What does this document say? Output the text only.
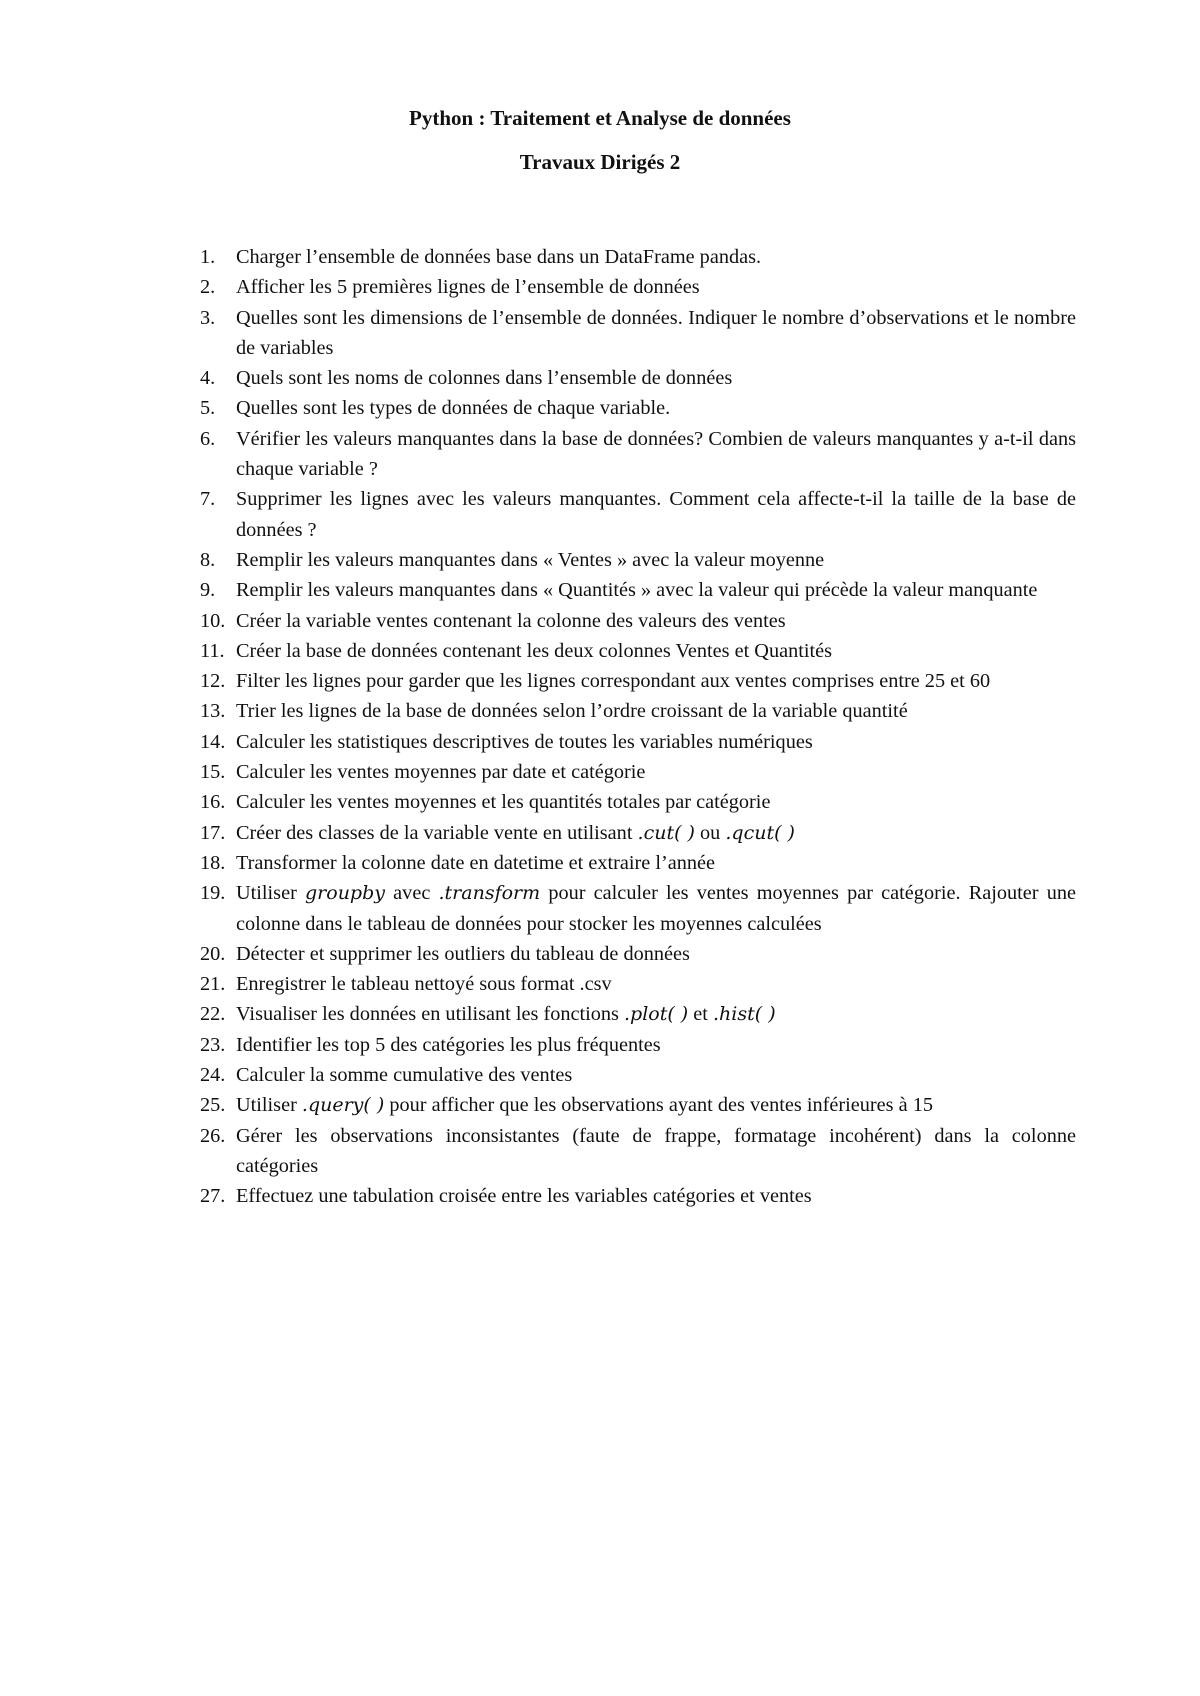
Python : Traitement et Analyse de données
Travaux Dirigés 2
1.	Charger l’ensemble de données base dans un DataFrame pandas.
2.	Afficher les 5 premières lignes de l’ensemble de données
3.	Quelles sont les dimensions de l’ensemble de données. Indiquer le nombre d’observations et le nombre de variables
4.	Quels sont les noms de colonnes dans l’ensemble de données
5.	Quelles sont les types de données de chaque variable.
6.	Vérifier les valeurs manquantes dans la base de données? Combien de valeurs manquantes y a-t-il dans chaque variable ?
7.	Supprimer les lignes avec les valeurs manquantes. Comment cela affecte-t-il la taille de la base de données ?
8.	Remplir les valeurs manquantes dans « Ventes » avec la valeur moyenne
9.	Remplir les valeurs manquantes dans « Quantités » avec la valeur qui précède la valeur manquante
10. Créer la variable ventes contenant la colonne des valeurs des ventes
11. Créer la base de données contenant les deux colonnes Ventes et Quantités
12. Filter les lignes pour garder que les lignes correspondant aux ventes comprises entre 25 et 60
13. Trier les lignes de la base de données selon l’ordre croissant de la variable quantité
14. Calculer les statistiques descriptives de toutes les variables numériques
15. Calculer les ventes moyennes par date et catégorie
16. Calculer les ventes moyennes et les quantités totales par catégorie
17. Créer des classes de la variable vente en utilisant .cut( ) ou .qcut( )
18. Transformer la colonne date en datetime et extraire l’année
19. Utiliser groupby avec .transform pour calculer les ventes moyennes par catégorie. Rajouter une colonne dans le tableau de données pour stocker les moyennes calculées
20. Détecter et supprimer les outliers du tableau de données
21. Enregistrer le tableau nettoyé sous format .csv
22. Visualiser les données en utilisant les fonctions .plot( ) et .hist( )
23. Identifier les top 5 des catégories les plus fréquentes
24. Calculer la somme cumulative des ventes
25. Utiliser .query( ) pour afficher que les observations ayant des ventes inférieures à 15
26. Gérer les observations inconsistantes (faute de frappe, formatage incohérent) dans la colonne catégories
27. Effectuez une tabulation croisée entre les variables catégories et ventes
